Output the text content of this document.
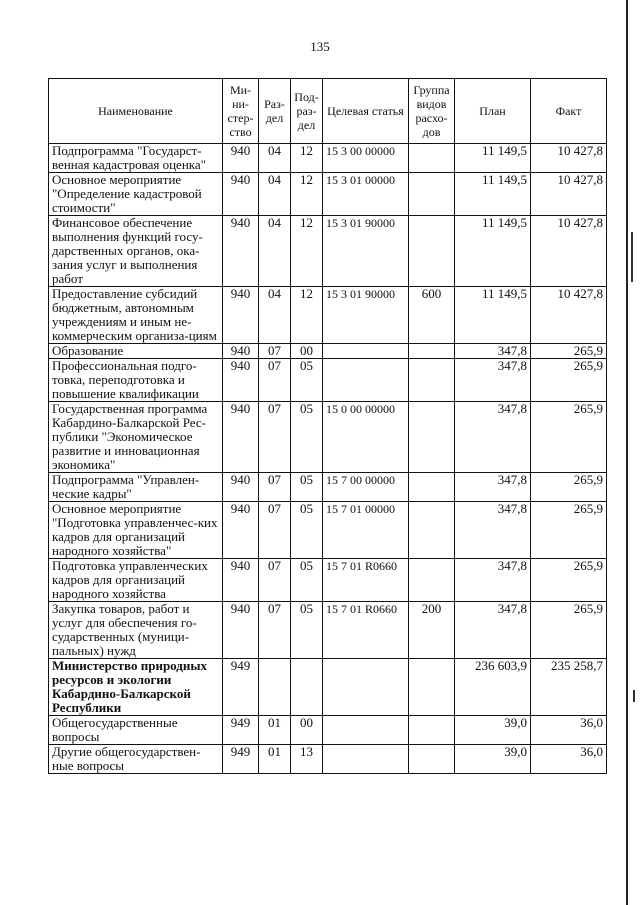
135
Наименование	Ми-ни-стер-ство	Раз-дел	Под-раз-дел	Целевая статья	Группа видов расхо-дов	План	Факт
Подпрограмма "Государст-венная кадастровая оценка"	940	04	12	15 3 00 00000		11 149,5	10 427,8
Основное мероприятие "Определение кадастровой стоимости"	940	04	12	15 3 01 00000		11 149,5	10 427,8
Финансовое обеспечение выполнения функций госу-дарственных органов, ока-зания услуг и выполнения работ	940	04	12	15 3 01 90000		11 149,5	10 427,8
Предоставление субсидий бюджетным, автономным учреждениям и иным не-коммерческим организа-циям	940	04	12	15 3 01 90000	600	11 149,5	10 427,8
Образование	940	07	00			347,8	265,9
Профессиональная подго-товка, переподготовка и повышение квалификации	940	07	05			347,8	265,9
Государственная программа Кабардино-Балкарской Рес-публики "Экономическое развитие и инновационная экономика"	940	07	05	15 0 00 00000		347,8	265,9
Подпрограмма "Управлен-ческие кадры"	940	07	05	15 7 00 00000		347,8	265,9
Основное мероприятие "Подготовка управленчес-ких кадров для организаций народного хозяйства"	940	07	05	15 7 01 00000		347,8	265,9
Подготовка управленческих кадров для организаций народного хозяйства	940	07	05	15 7 01 R0660		347,8	265,9
Закупка товаров, работ и услуг для обеспечения го-сударственных (муници-пальных) нужд	940	07	05	15 7 01 R0660	200	347,8	265,9
Министерство природных ресурсов и экологии Кабардино-Балкарской Республики	949					236 603,9	235 258,7
Общегосударственные вопросы	949	01	00			39,0	36,0
Другие общегосударствен-ные вопросы	949	01	13			39,0	36,0
